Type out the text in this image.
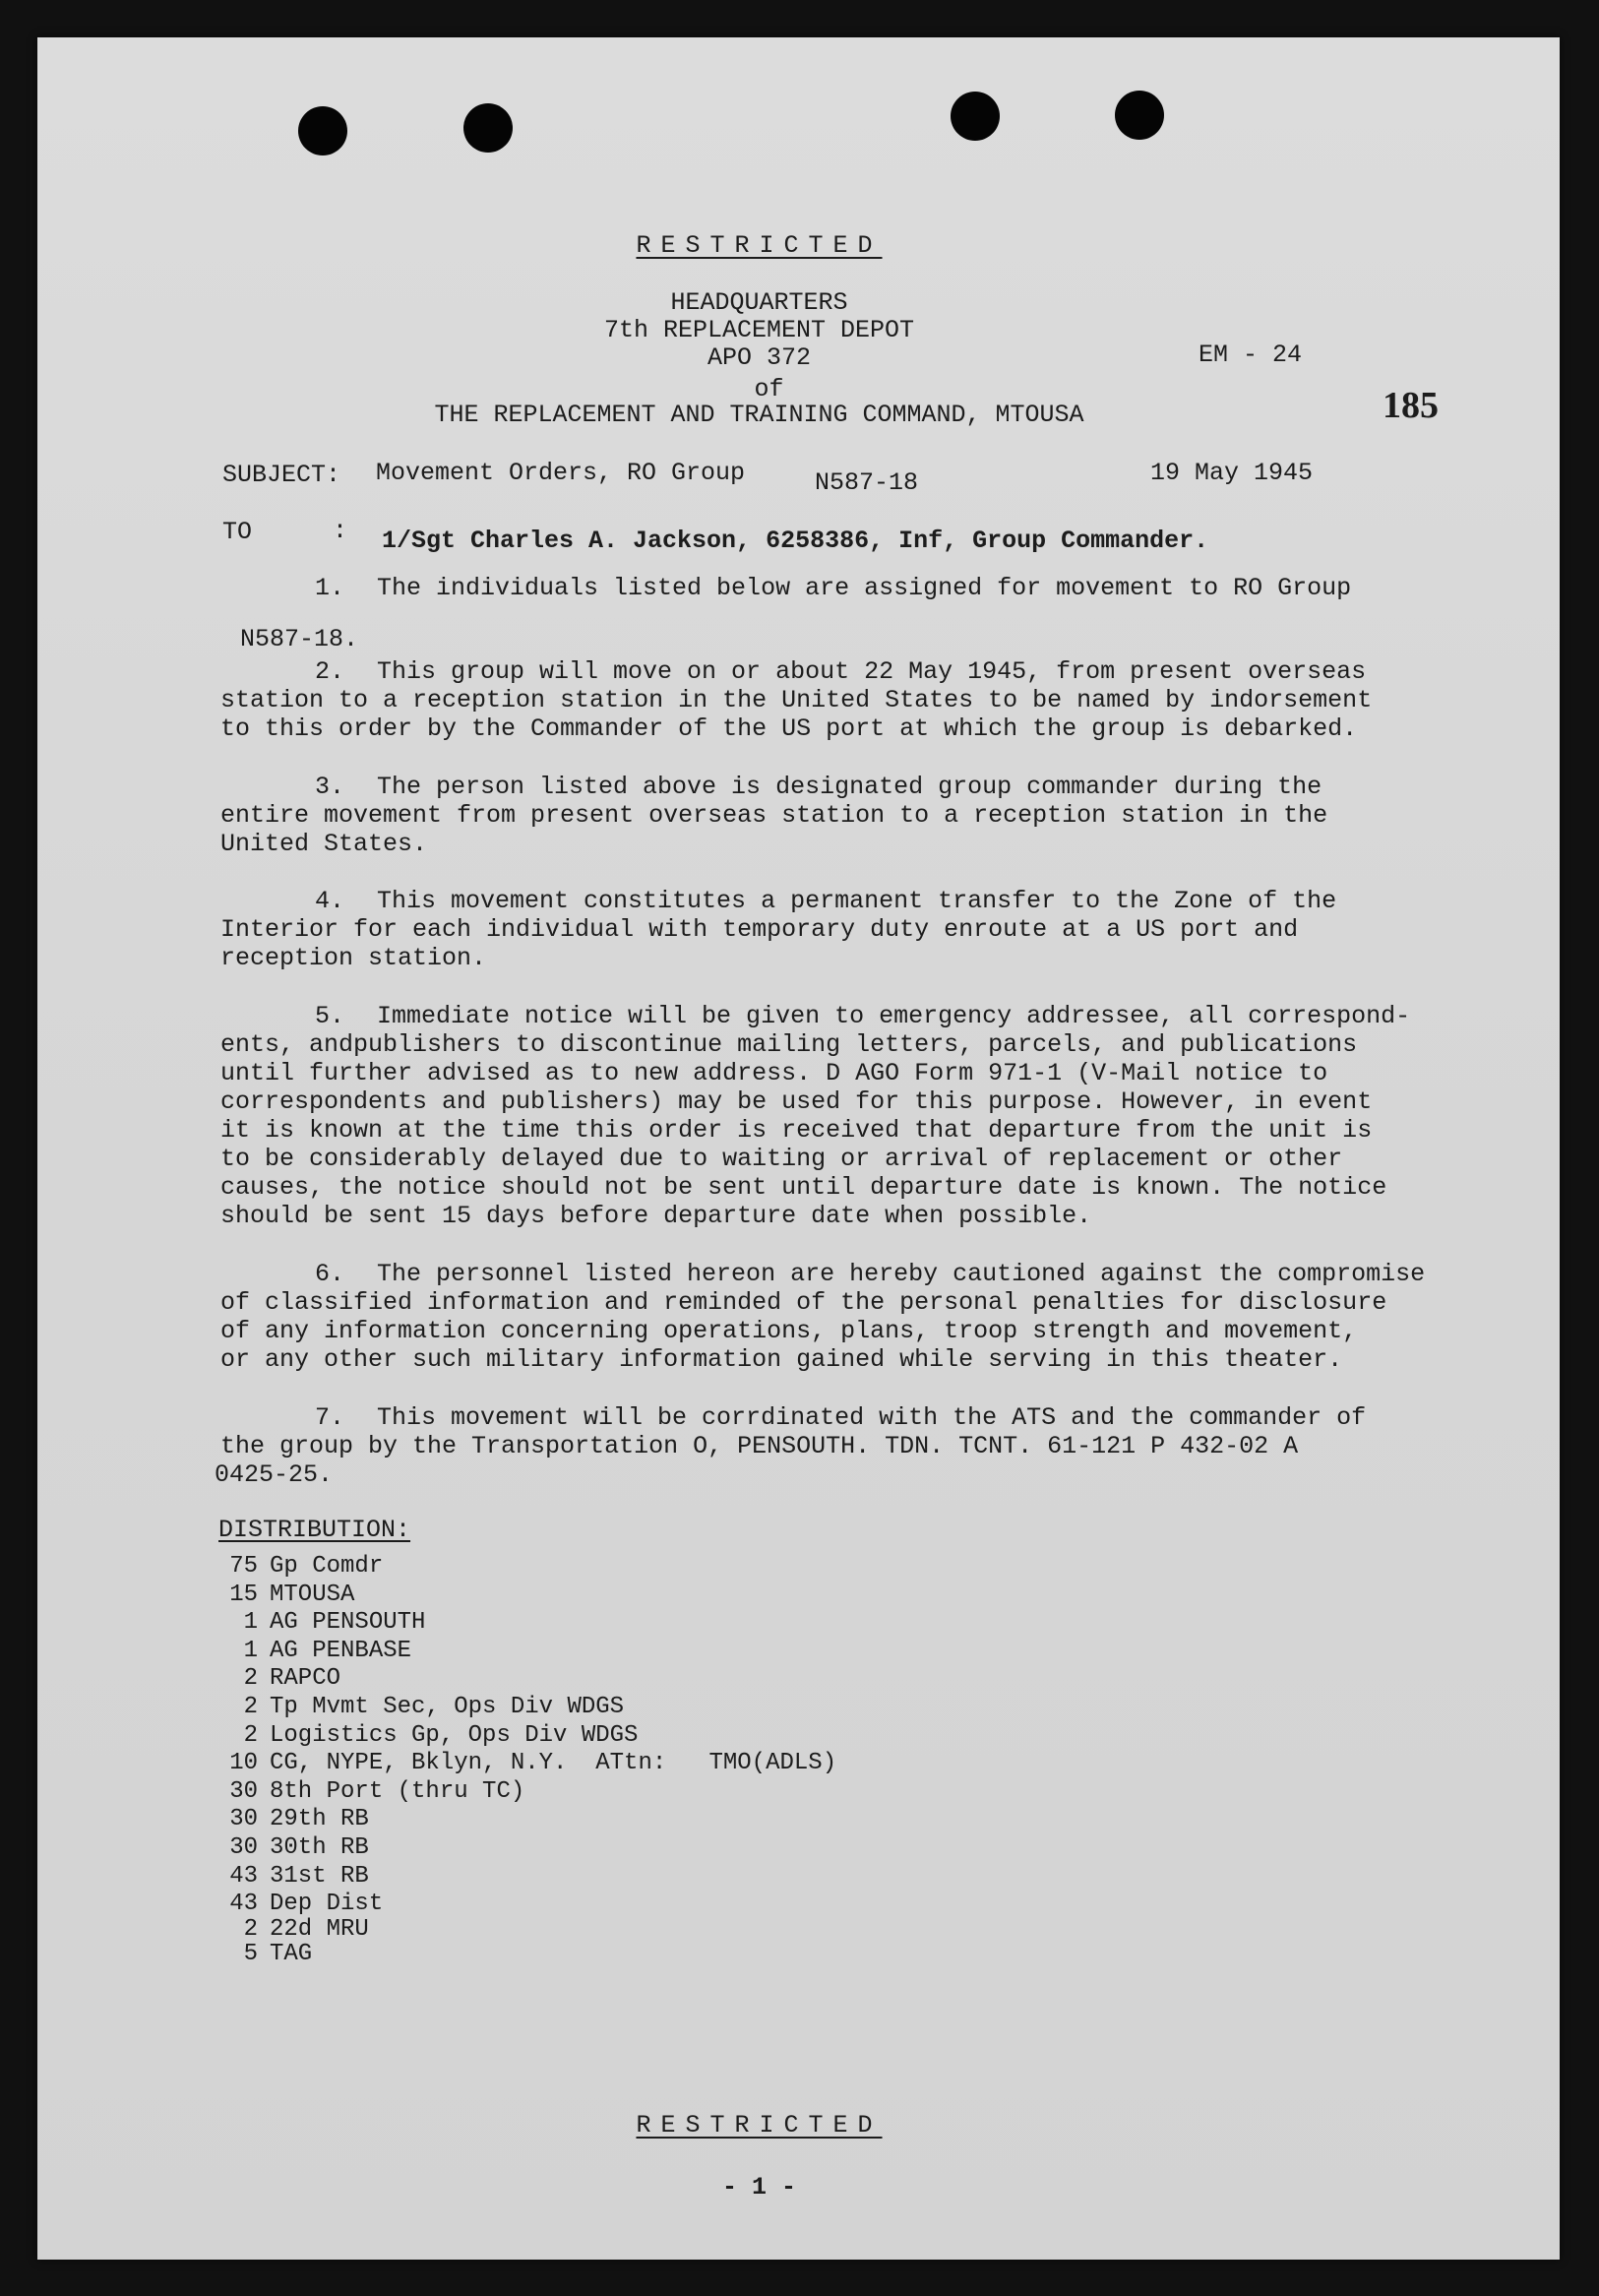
RESTRICTED
HEADQUARTERS
7th REPLACEMENT DEPOT
APO 372
of
THE REPLACEMENT AND TRAINING COMMAND, MTOUSA
EM - 24
185
SUBJECT: Movement Orders, RO Group	N587-18	19 May 1945
TO	: 1/Sgt Charles A. Jackson, 6258386, Inf, Group Commander.
1. The individuals listed below are assigned for movement to RO Group
N587-18.
2. This group will move on or about 22 May 1945, from present overseas
station to a reception station in the United States to be named by indorsement
to this order by the Commander of the US port at which the group is debarked.
3. The person listed above is designated group commander during the
entire movement from present overseas station to a reception station in the
United States.
4. This movement constitutes a permanent transfer to the Zone of the
Interior for each individual with temporary duty enroute at a US port and
reception station.
5. Immediate notice will be given to emergency addressee, all correspond-
ents, andpublishers to discontinue mailing letters, parcels, and publications
until further advised as to new address. D AGO Form 971-1 (V-Mail notice to
correspondents and publishers) may be used for this purpose. However, in event
it is known at the time this order is received that departure from the unit is
to be considerably delayed due to waiting or arrival of replacement or other
causes, the notice should not be sent until departure date is known. The notice
should be sent 15 days before departure date when possible.
6. The personnel listed hereon are hereby cautioned against the compromise
of classified information and reminded of the personal penalties for disclosure
of any information concerning operations, plans, troop strength and movement,
or any other such military information gained while serving in this theater.
7. This movement will be corrdinated with the ATS and the commander of
the group by the Transportation O, PENSOUTH. TDN. TCNT. 61-121 P 432-02 A
0425-25.
DISTRIBUTION:
75 Gp Comdr
15 MTOUSA
1 AG PENSOUTH
1 AG PENBASE
2 RAPCO
2 Tp Mvmt Sec, Ops Div WDGS
2 Logistics Gp, Ops Div WDGS
10 CG, NYPE, Bklyn, N.Y.  ATtn:   TMO(ADLS)
30 8th Port (thru TC)
30 29th RB
30 30th RB
43 31st RB
43 Dep Dist
2 22d MRU
5 TAG
RESTRICTED
- 1 -
